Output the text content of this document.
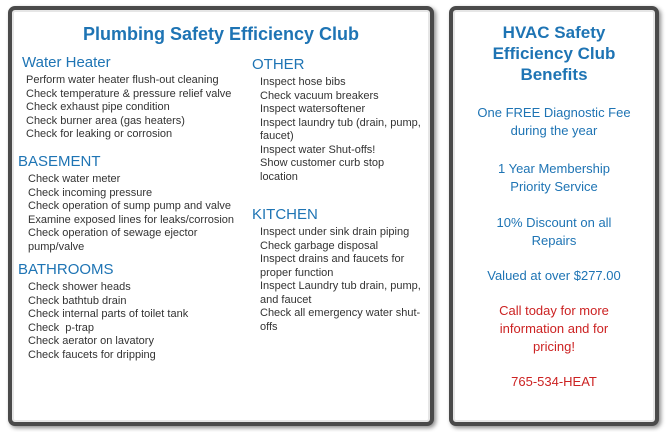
Plumbing Safety Efficiency Club
Water Heater
Perform water heater flush-out cleaning
Check temperature & pressure relief valve
Check exhaust pipe condition
Check burner area (gas heaters)
Check for leaking or corrosion
BASEMENT
Check water meter
Check incoming pressure
Check operation of sump pump and valve
Examine exposed lines for leaks/corrosion
Check operation of sewage ejector pump/valve
BATHROOMS
Check shower heads
Check bathtub drain
Check internal parts of toilet tank
Check  p-trap
Check aerator on lavatory
Check faucets for dripping
OTHER
Inspect hose bibs
Check vacuum breakers
Inspect watersoftener
Inspect laundry tub (drain, pump, faucet)
Inspect water Shut-offs!
Show customer curb stop location
KITCHEN
Inspect under sink drain piping
Check garbage disposal
Inspect drains and faucets for proper function
Inspect Laundry tub drain, pump, and faucet
Check all emergency water shut-offs
HVAC Safety Efficiency Club Benefits
One FREE Diagnostic Fee during the year
1 Year Membership Priority Service
10% Discount on all Repairs
Valued at over $277.00
Call today for more information and for pricing!
765-534-HEAT
